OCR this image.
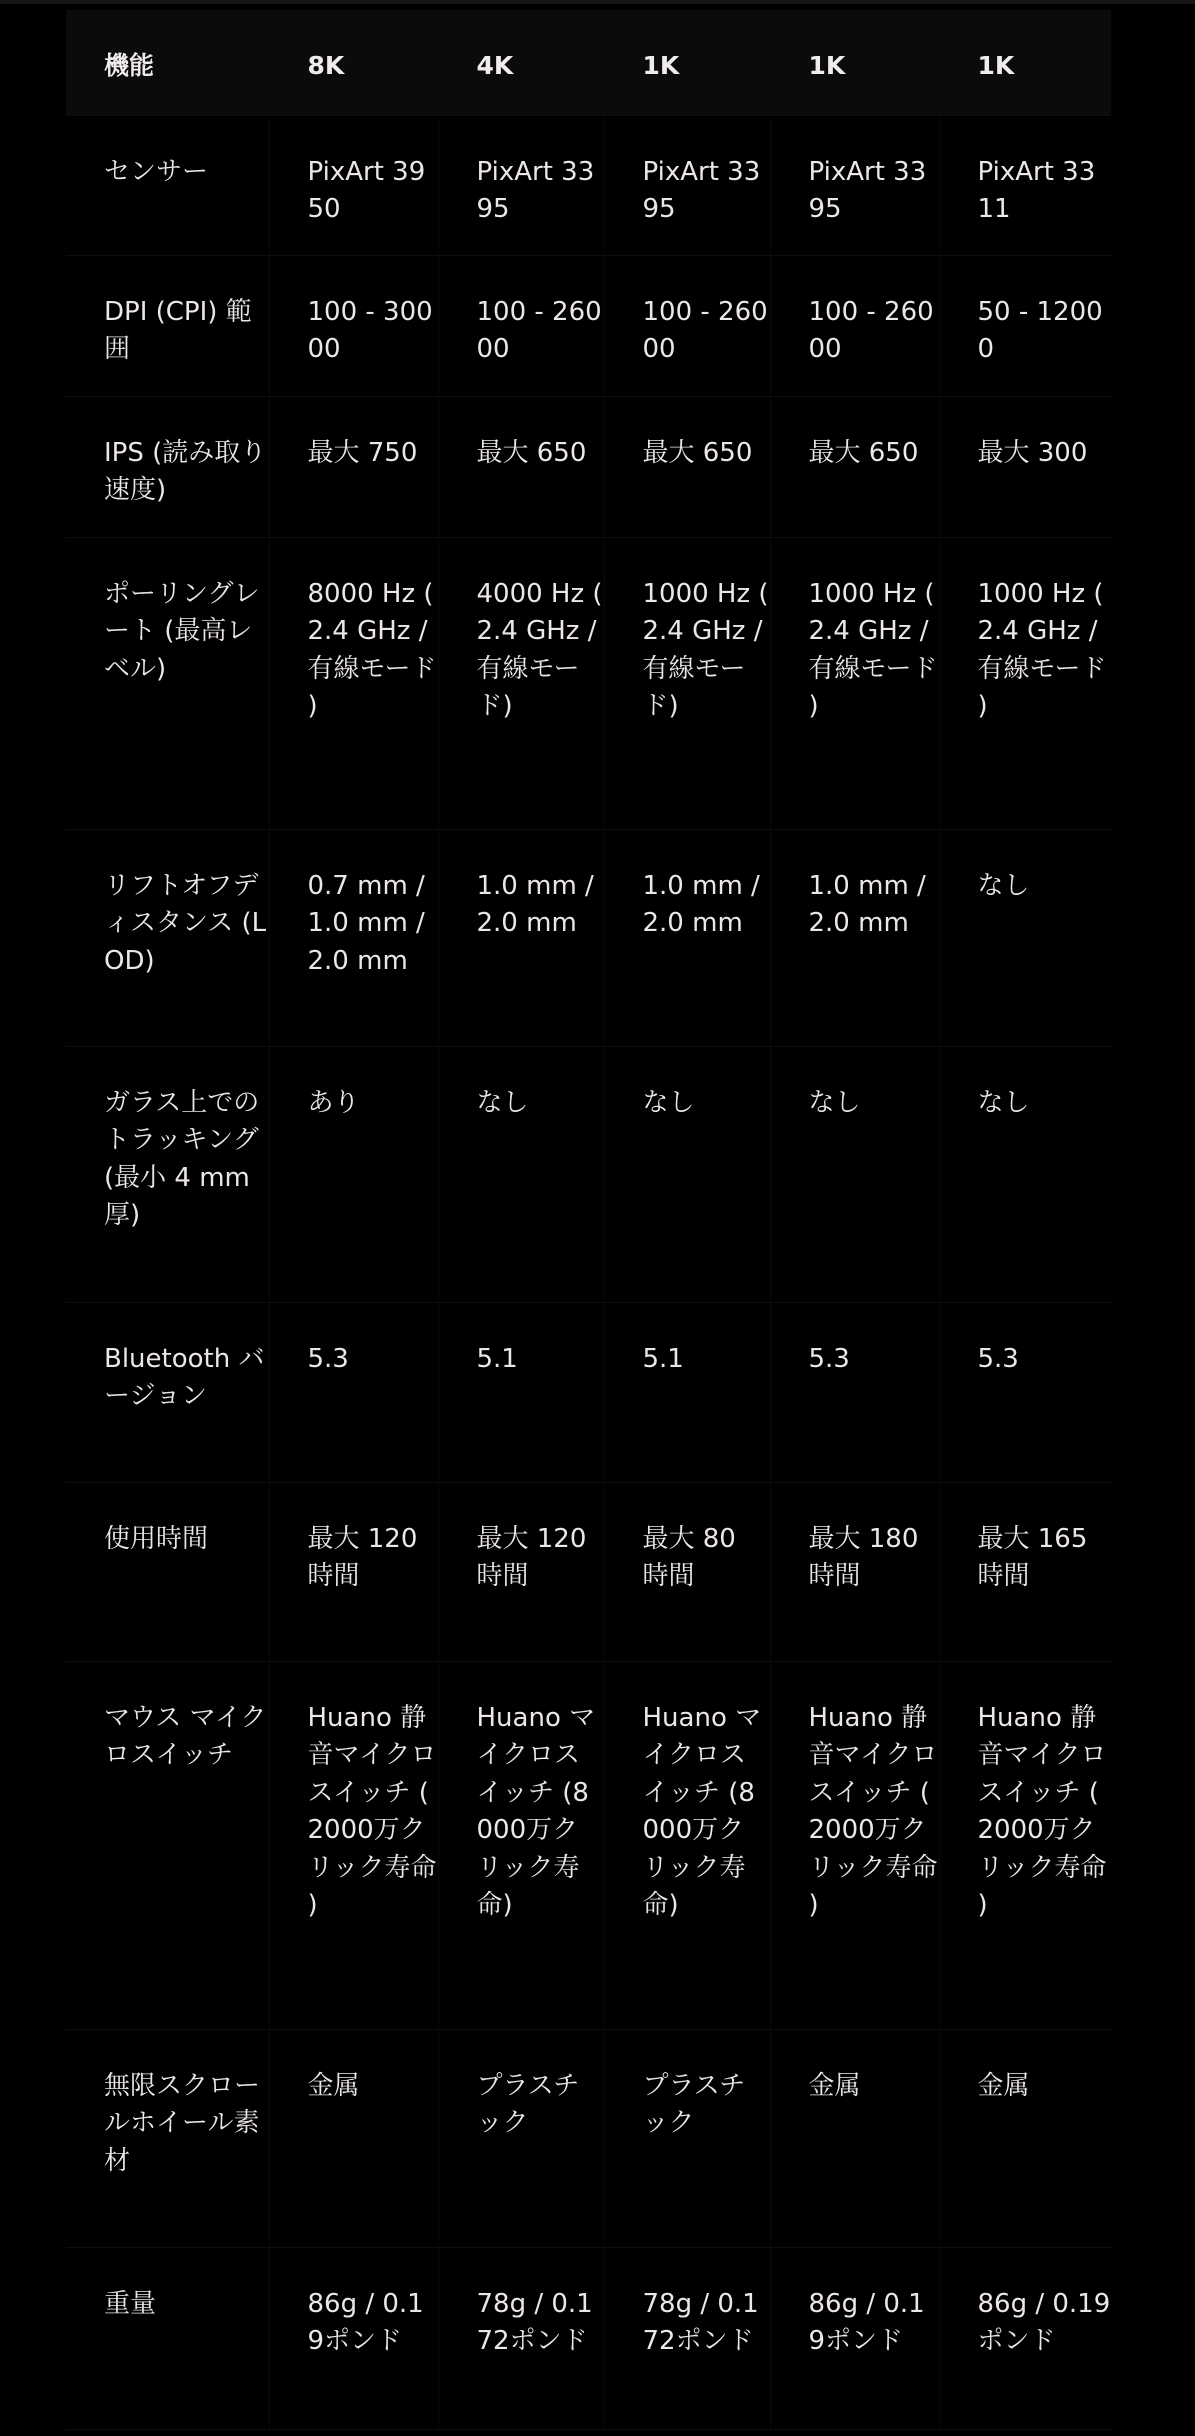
機能	8K	4K	1K	1K	1K
センサー	PixArt 3950	PixArt 3395	PixArt 3395	PixArt 3395	PixArt 3311
DPI (CPI) 範囲	100 - 30000	100 - 26000	100 - 26000	100 - 26000	50 - 12000
IPS (読み取り速度)	最大 750	最大 650	最大 650	最大 650	最大 300
ポーリングレート (最高レベル)	8000 Hz (2.4 GHz / 有線モード)	4000 Hz (2.4 GHz / 有線モード)	1000 Hz (2.4 GHz / 有線モード)	1000 Hz (2.4 GHz / 有線モード)	1000 Hz (2.4 GHz / 有線モード)
リフトオフディスタンス (LOD)	0.7 mm / 1.0 mm / 2.0 mm	1.0 mm / 2.0 mm	1.0 mm / 2.0 mm	1.0 mm / 2.0 mm	なし
ガラス上でのトラッキング (最小 4 mm 厚)	あり	なし	なし	なし	なし
Bluetooth バージョン	5.3	5.1	5.1	5.3	5.3
使用時間	最大 120 時間	最大 120 時間	最大 80 時間	最大 180 時間	最大 165 時間
マウス マイクロスイッチ	Huano 静音マイクロスイッチ (2000万クリック寿命)	Huano マイクロスイッチ (8000万クリック寿命)	Huano マイクロスイッチ (8000万クリック寿命)	Huano 静音マイクロスイッチ (2000万クリック寿命)	Huano 静音マイクロスイッチ (2000万クリック寿命)
無限スクロールホイール素材	金属	プラスチック	プラスチック	金属	金属
重量	86g / 0.19ポンド	78g / 0.172ポンド	78g / 0.172ポンド	86g / 0.19ポンド	86g / 0.19ポンド
